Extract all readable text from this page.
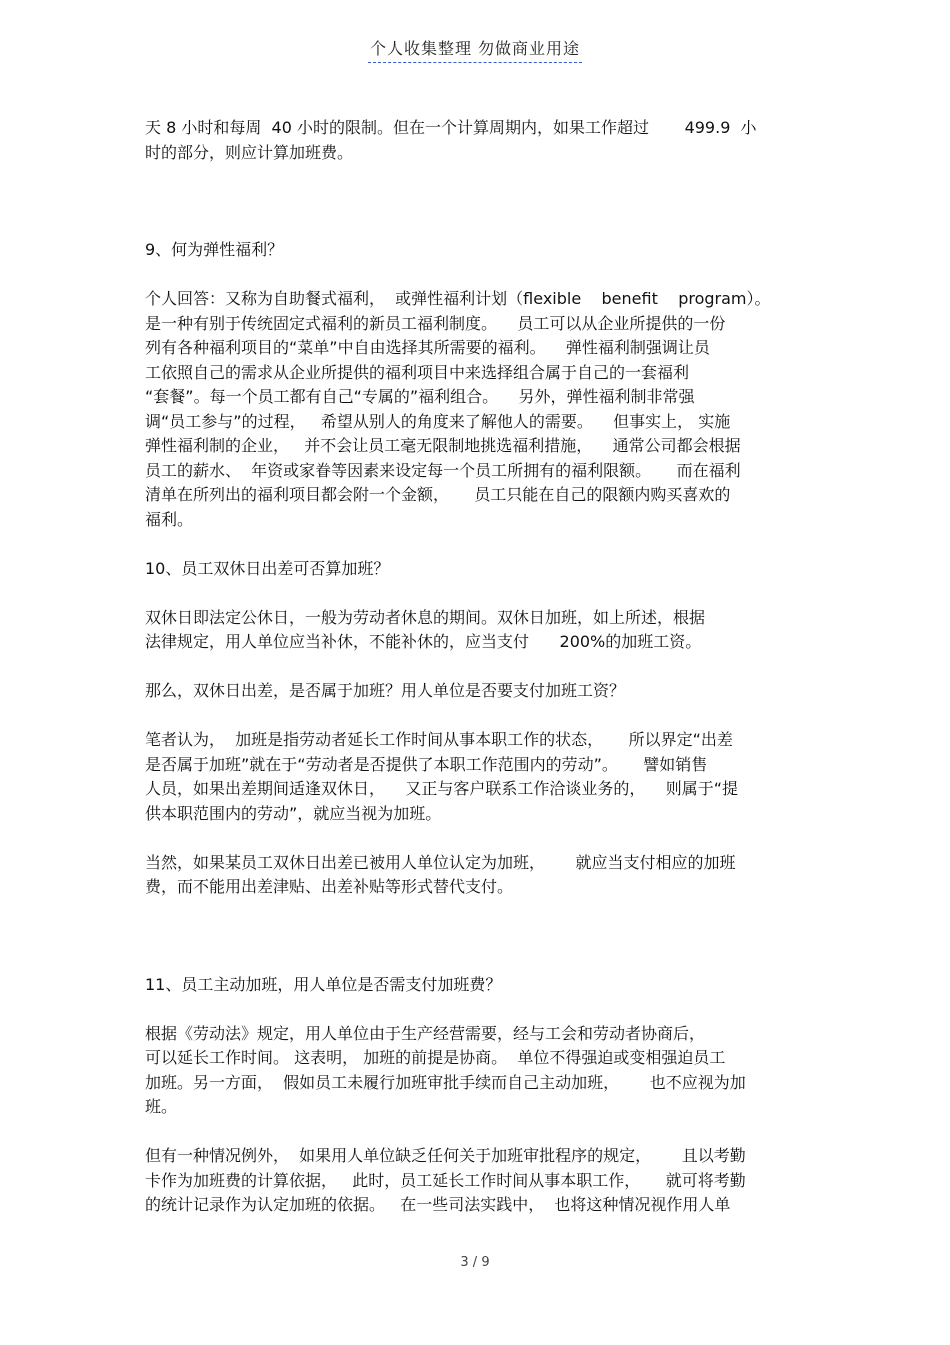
个人收集整理 勿做商业用途
天 8 小时和每周  40 小时的限制。但在一个计算周期内，如果工作超过       499.9  小
时的部分，则应计算加班费。
9、何为弹性福利？
个人回答：又称为自助餐式福利，  或弹性福利计划（flexible    benefit    program）。
是一种有别于传统固定式福利的新员工福利制度。    员工可以从企业所提供的一份
列有各种福利项目的“菜单”中自由选择其所需要的福利。    弹性福利制强调让员
工依照自己的需求从企业所提供的福利项目中来选择组合属于自己的一套福利
“套餐”。每一个员工都有自己“专属的”福利组合。    另外，弹性福利制非常强
调“员工参与”的过程，   希望从别人的角度来了解他人的需要。    但事实上， 实施
弹性福利制的企业，   并不会让员工毫无限制地挑选福利措施，    通常公司都会根据
员工的薪水、  年资或家眷等因素来设定每一个员工所拥有的福利限额。     而在福利
清单在所列出的福利项目都会附一个金额，     员工只能在自己的限额内购买喜欢的
福利。
10、员工双休日出差可否算加班？
双休日即法定公休日，一般为劳动者休息的期间。双休日加班，如上所述，根据
法律规定，用人单位应当补休，不能补休的，应当支付      200%的加班工资。
那么，双休日出差，是否属于加班？用人单位是否要支付加班工资？
笔者认为，  加班是指劳动者延长工作时间从事本职工作的状态，     所以界定“出差
是否属于加班”就在于“劳动者是否提供了本职工作范围内的劳动”。     譬如销售
人员，如果出差期间适逢双休日，    又正与客户联系工作洽谈业务的，    则属于“提
供本职范围内的劳动”，就应当视为加班。
当然，如果某员工双休日出差已被用人单位认定为加班，      就应当支付相应的加班
费，而不能用出差津贴、出差补贴等形式替代支付。
11、员工主动加班，用人单位是否需支付加班费？
根据《劳动法》规定，用人单位由于生产经营需要，经与工会和劳动者协商后，
可以延长工作时间。 这表明， 加班的前提是协商。  单位不得强迫或变相强迫员工
加班。另一方面，  假如员工未履行加班审批手续而自己主动加班，      也不应视为加
班。
但有一种情况例外，  如果用人单位缺乏任何关于加班审批程序的规定，      且以考勤
卡作为加班费的计算依据，   此时，员工延长工作时间从事本职工作，     就可将考勤
的统计记录作为认定加班的依据。   在一些司法实践中，  也将这种情况视作用人单
3 / 9
